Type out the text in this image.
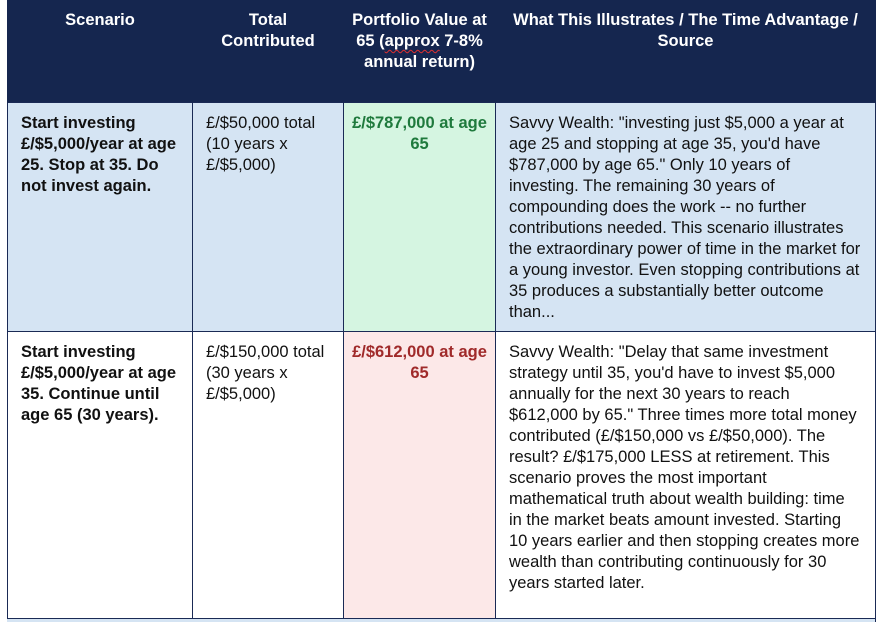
Scenario	Total Contributed	Portfolio Value at 65 (approx 7-8% annual return)	What This Illustrates / The Time Advantage / Source
Start investing £/$5,000/year at age 25. Stop at 35. Do not invest again.	£/$50,000 total (10 years x £/$5,000)	£/$787,000 at age 65	Savvy Wealth: "investing just $5,000 a year at age 25 and stopping at age 35, you'd have $787,000 by age 65." Only 10 years of investing. The remaining 30 years of compounding does the work -- no further contributions needed. This scenario illustrates the extraordinary power of time in the market for a young investor. Even stopping contributions at 35 produces a substantially better outcome than...
Start investing £/$5,000/year at age 35. Continue until age 65 (30 years).	£/$150,000 total (30 years x £/$5,000)	£/$612,000 at age 65	Savvy Wealth: "Delay that same investment strategy until 35, you'd have to invest $5,000 annually for the next 30 years to reach $612,000 by 65." Three times more total money contributed (£/$150,000 vs £/$50,000). The result? £/$175,000 LESS at retirement. This scenario proves the most important mathematical truth about wealth building: time in the market beats amount invested. Starting 10 years earlier and then stopping creates more wealth than contributing continuously for 30 years started later.
